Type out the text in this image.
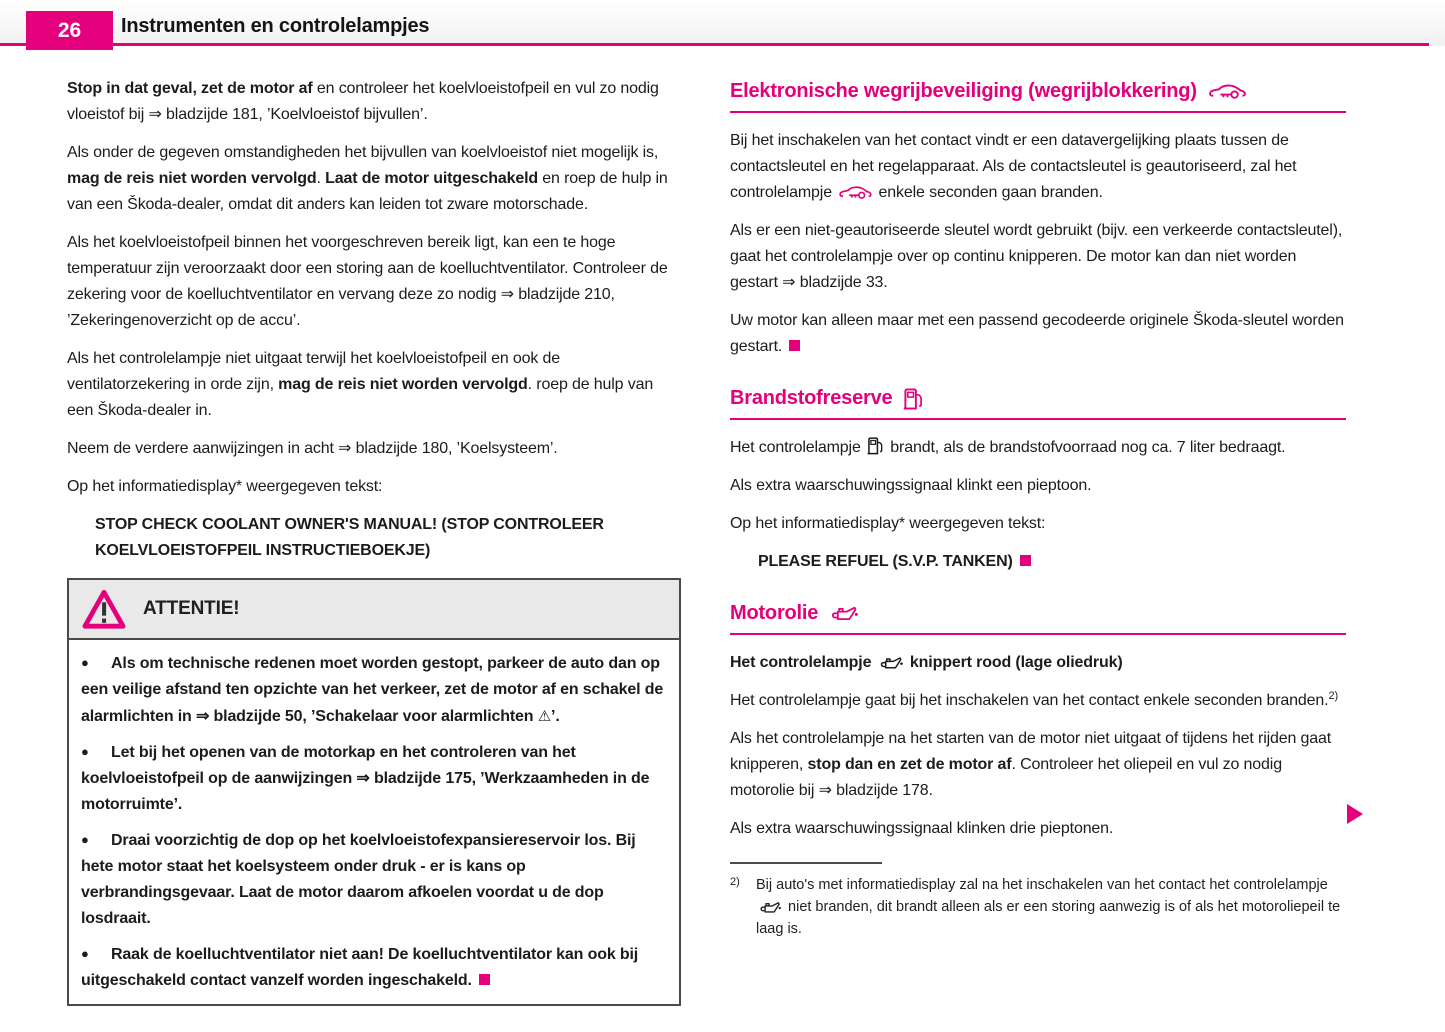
26	Instrumenten en controlelampjes

Stop in dat geval, zet de motor af en controleer het koelvloeistofpeil en vul zo nodig vloeistof bij ⇒ bladzijde 181, ’Koelvloeistof bijvullen’.

Als onder de gegeven omstandigheden het bijvullen van koelvloeistof niet mogelijk is, mag de reis niet worden vervolgd. Laat de motor uitgeschakeld en roep de hulp in van een Škoda-dealer, omdat dit anders kan leiden tot zware motorschade.

Als het koelvloeistofpeil binnen het voorgeschreven bereik ligt, kan een te hoge temperatuur zijn veroorzaakt door een storing aan de koelluchtventilator. Controleer de zekering voor de koelluchtventilator en vervang deze zo nodig ⇒ bladzijde 210, ’Zekeringenoverzicht op de accu’.

Als het controlelampje niet uitgaat terwijl het koelvloeistofpeil en ook de ventilatorzekering in orde zijn, mag de reis niet worden vervolgd. roep de hulp van een Škoda-dealer in.

Neem de verdere aanwijzingen in acht ⇒ bladzijde 180, ’Koelsysteem’.

Op het informatiedisplay* weergegeven tekst:

STOP CHECK COOLANT OWNER'S MANUAL! (STOP CONTROLEER KOELVLOEISTOFPEIL INSTRUCTIEBOEKJE)

ATTENTIE!

● Als om technische redenen moet worden gestopt, parkeer de auto dan op een veilige afstand ten opzichte van het verkeer, zet de motor af en schakel de alarmlichten in ⇒ bladzijde 50, ’Schakelaar voor alarmlichten ⚠’.

● Let bij het openen van de motorkap en het controleren van het koelvloeistofpeil op de aanwijzingen ⇒ bladzijde 175, ’Werkzaamheden in de motorruimte’.

● Draai voorzichtig de dop op het koelvloeistofexpansiereservoir los. Bij hete motor staat het koelsysteem onder druk - er is kans op verbrandingsgevaar. Laat de motor daarom afkoelen voordat u de dop losdraait.

● Raak de koelluchtventilator niet aan! De koelluchtventilator kan ook bij uitgeschakeld contact vanzelf worden ingeschakeld.

Elektronische wegrijbeveiliging (wegrijblokkering)

Bij het inschakelen van het contact vindt er een datavergelijking plaats tussen de contactsleutel en het regelapparaat. Als de contactsleutel is geautoriseerd, zal het controlelampje  enkele seconden gaan branden.

Als er een niet-geautoriseerde sleutel wordt gebruikt (bijv. een verkeerde contactsleutel), gaat het controlelampje over op continu knipperen. De motor kan dan niet worden gestart ⇒ bladzijde 33.

Uw motor kan alleen maar met een passend gecodeerde originele Škoda-sleutel worden gestart.

Brandstofreserve

Het controlelampje  brandt, als de brandstofvoorraad nog ca. 7 liter bedraagt.

Als extra waarschuwingssignaal klinkt een pieptoon.

Op het informatiedisplay* weergegeven tekst:

PLEASE REFUEL (S.V.P. TANKEN)

Motorolie

Het controlelampje  knippert rood (lage oliedruk)

Het controlelampje gaat bij het inschakelen van het contact enkele seconden branden.$^{2)}$

Als het controlelampje na het starten van de motor niet uitgaat of tijdens het rijden gaat knipperen, stop dan en zet de motor af. Controleer het oliepeil en vul zo nodig motorolie bij ⇒ bladzijde 178.

Als extra waarschuwingssignaal klinken drie pieptonen.

2) Bij auto's met informatiedisplay zal na het inschakelen van het contact het controlelampje  niet branden, dit brandt alleen als er een storing aanwezig is of als het motoroliepeil te laag is.
